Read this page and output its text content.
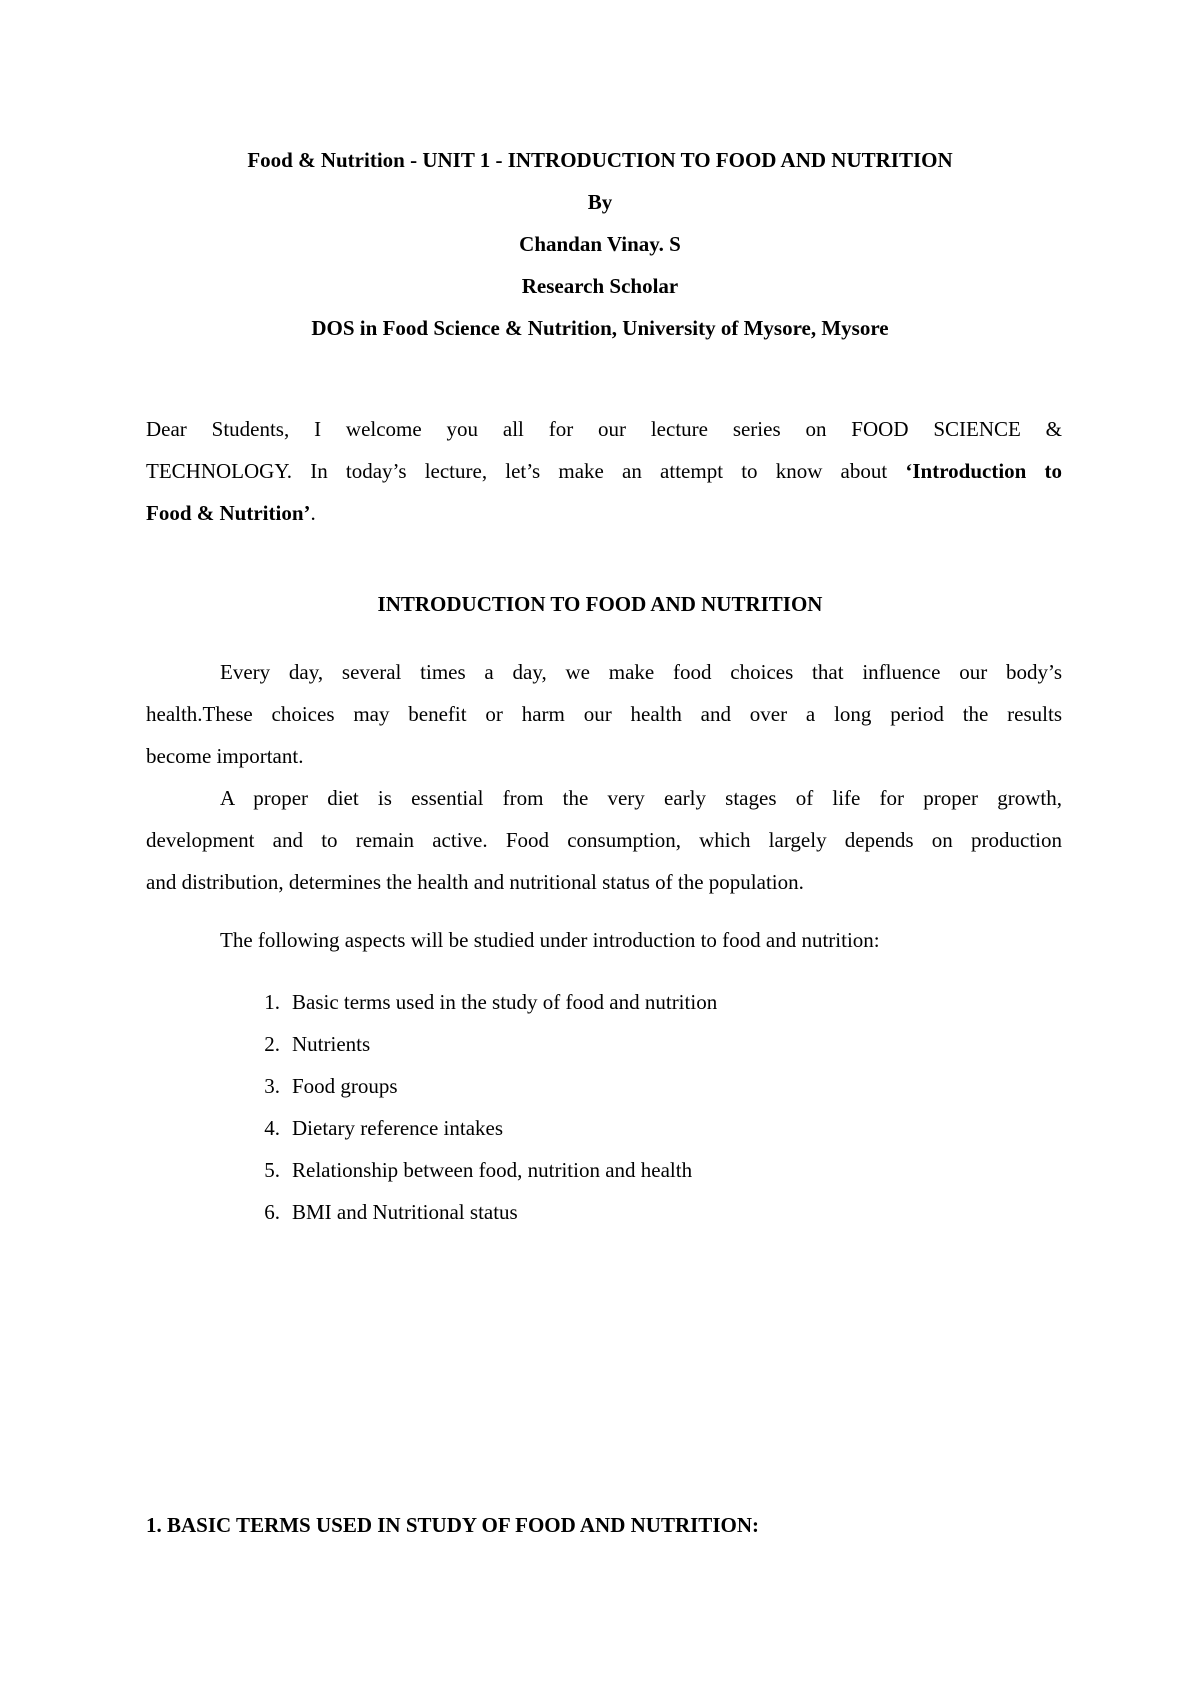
Food & Nutrition - UNIT 1 - INTRODUCTION TO FOOD AND NUTRITION
By
Chandan Vinay. S
Research Scholar
DOS in Food Science & Nutrition, University of Mysore, Mysore
Dear Students, I welcome you all for our lecture series on FOOD SCIENCE &
TECHNOLOGY. In today’s lecture, let’s make an attempt to know about ‘Introduction to
Food & Nutrition’.
INTRODUCTION TO FOOD AND NUTRITION
Every day, several times a day, we make food choices that influence our body’s
health.These choices may benefit or harm our health and over a long period the results
become important.
A proper diet is essential from the very early stages of life for proper growth,
development and to remain active. Food consumption, which largely depends on production
and distribution, determines the health and nutritional status of the population.
The following aspects will be studied under introduction to food and nutrition:
1. Basic terms used in the study of food and nutrition
2. Nutrients
3. Food groups
4. Dietary reference intakes
5. Relationship between food, nutrition and health
6. BMI and Nutritional status
1. BASIC TERMS USED IN STUDY OF FOOD AND NUTRITION:
